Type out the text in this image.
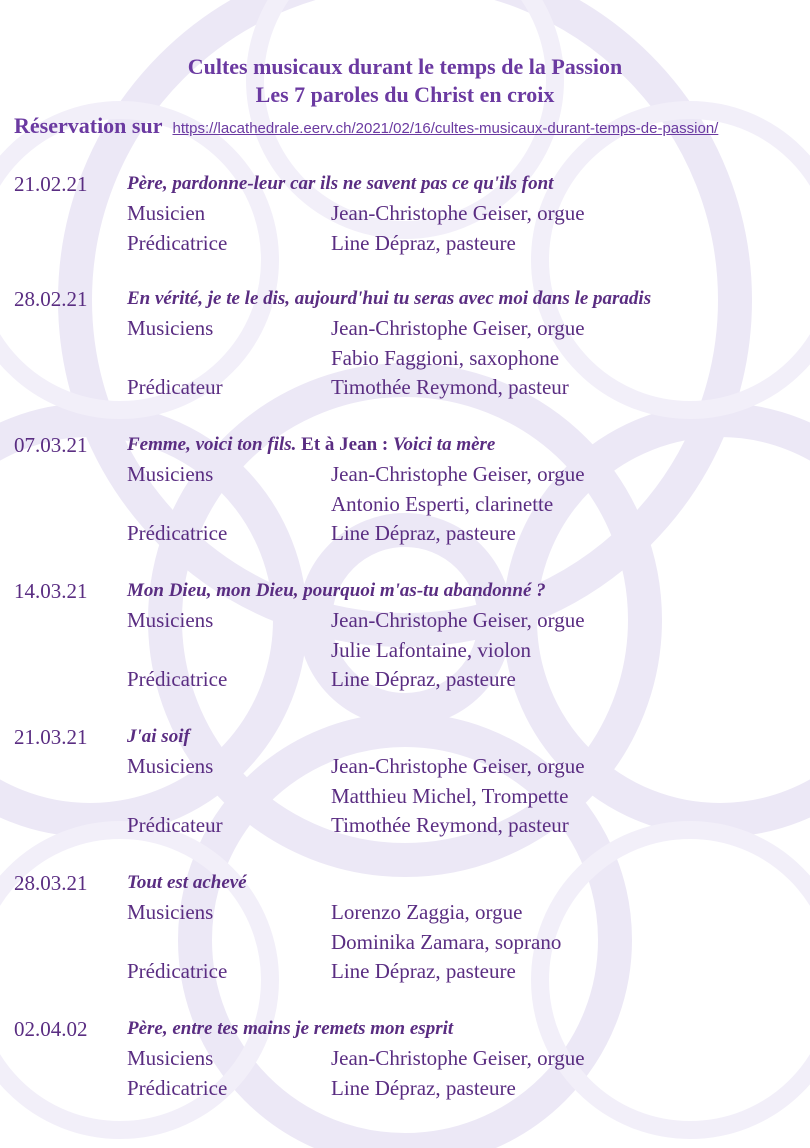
Cultes musicaux durant le temps de la Passion
Les 7 paroles du Christ en croix
Réservation sur https://lacathedrale.eerv.ch/2021/02/16/cultes-musicaux-durant-temps-de-passion/
21.02.21 Père, pardonne-leur car ils ne savent pas ce qu'ils font
Musicien	Jean-Christophe Geiser, orgue
Prédicatrice	Line Dépraz, pasteure
28.02.21 En vérité, je te le dis, aujourd'hui tu seras avec moi dans le paradis
Musiciens	Jean-Christophe Geiser, orgue
Fabio Faggioni, saxophone
Prédicateur	Timothée Reymond, pasteur
07.03.21 Femme, voici ton fils. Et à Jean : Voici ta mère
Musiciens	Jean-Christophe Geiser, orgue
Antonio Esperti, clarinette
Prédicatrice	Line Dépraz, pasteure
14.03.21 Mon Dieu, mon Dieu, pourquoi m'as-tu abandonné ?
Musiciens	Jean-Christophe Geiser, orgue
Julie Lafontaine, violon
Prédicatrice	Line Dépraz, pasteure
21.03.21 J'ai soif
Musiciens	Jean-Christophe Geiser, orgue
Matthieu Michel, Trompette
Prédicateur	Timothée Reymond, pasteur
28.03.21 Tout est achevé
Musiciens	Lorenzo Zaggia, orgue
Dominika Zamara, soprano
Prédicatrice	Line Dépraz, pasteure
02.04.02 Père, entre tes mains je remets mon esprit
Musiciens	Jean-Christophe Geiser, orgue
Prédicatrice	Line Dépraz, pasteure
